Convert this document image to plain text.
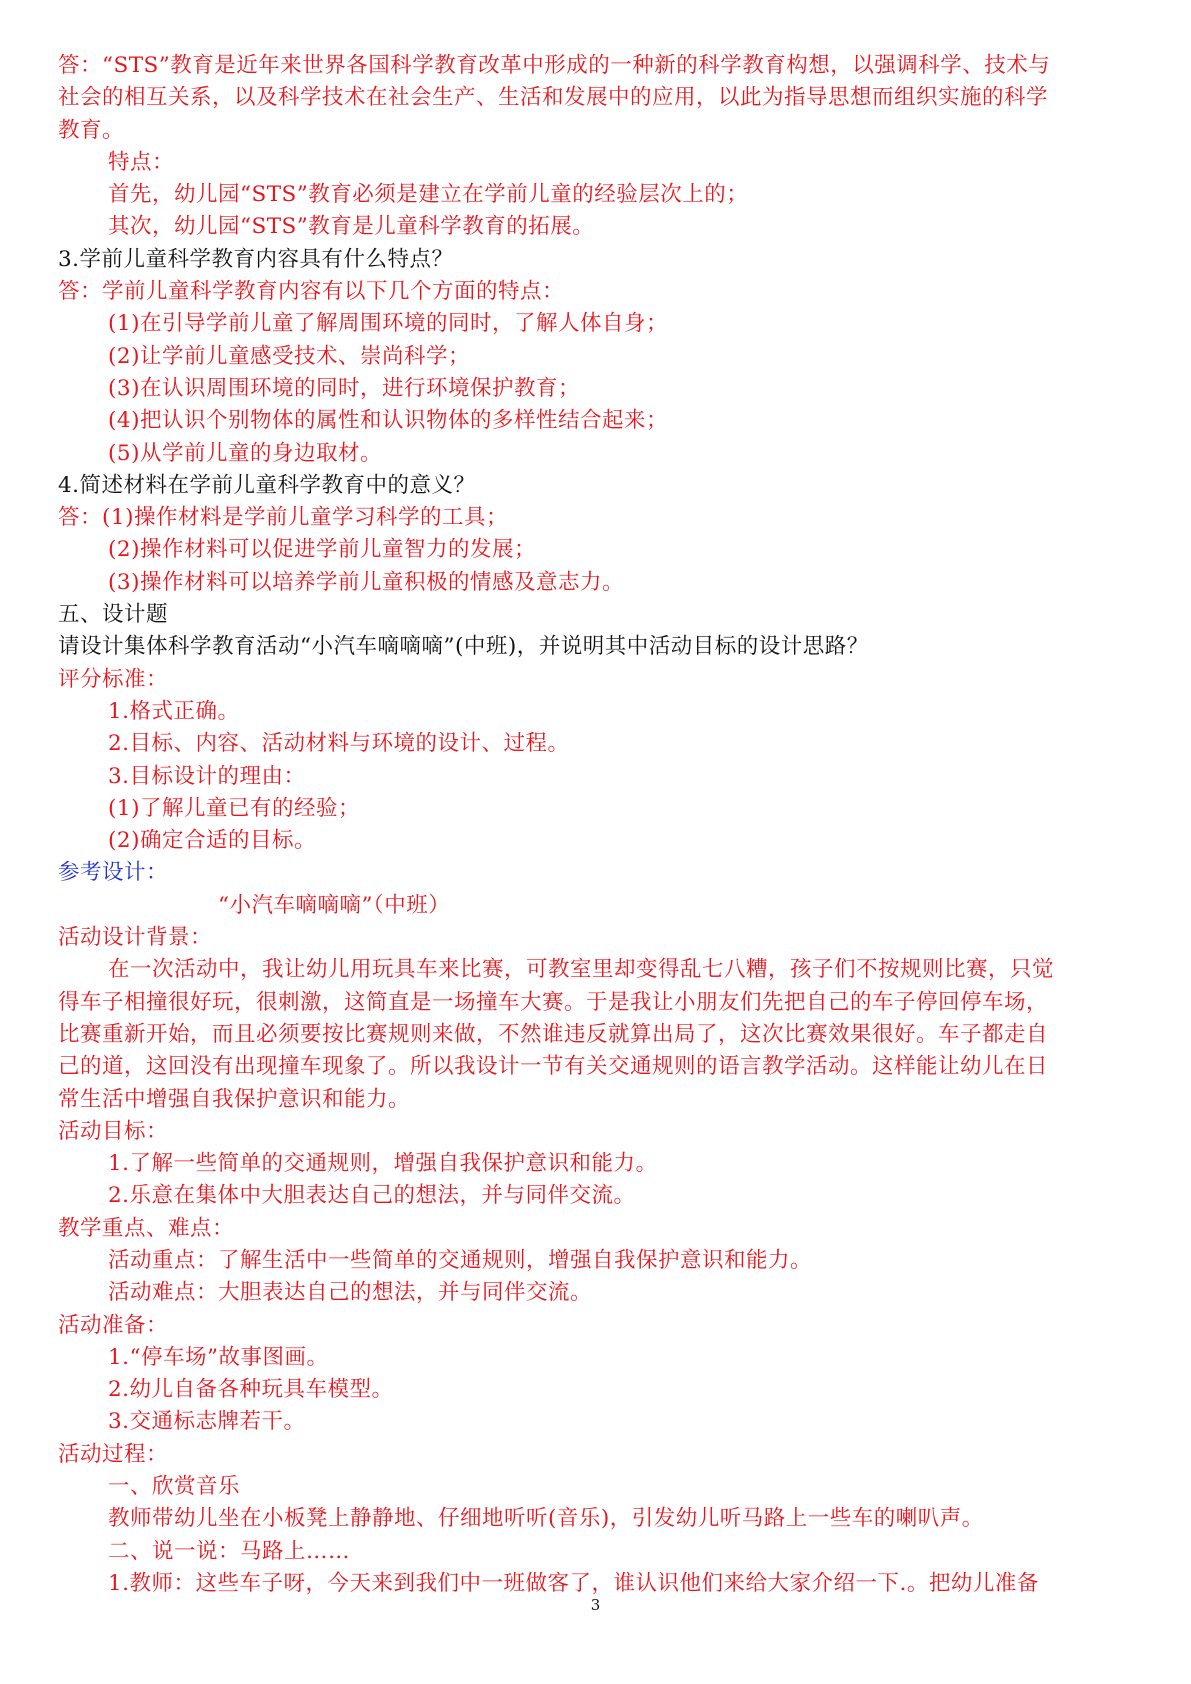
答：“STS”教育是近年来世界各国科学教育改革中形成的一种新的科学教育构想，以强调科学、技术与
社会的相互关系，以及科学技术在社会生产、生活和发展中的应用，以此为指导思想而组织实施的科学
教育。
特点：
首先，幼儿园“STS”教育必须是建立在学前儿童的经验层次上的；
其次，幼儿园“STS”教育是儿童科学教育的拓展。
3.学前儿童科学教育内容具有什么特点？
答：学前儿童科学教育内容有以下几个方面的特点：
(1)在引导学前儿童了解周围环境的同时，了解人体自身；
(2)让学前儿童感受技术、崇尚科学；
(3)在认识周围环境的同时，进行环境保护教育；
(4)把认识个别物体的属性和认识物体的多样性结合起来；
(5)从学前儿童的身边取材。
4.简述材料在学前儿童科学教育中的意义？
答：(1)操作材料是学前儿童学习科学的工具；
(2)操作材料可以促进学前儿童智力的发展；
(3)操作材料可以培养学前儿童积极的情感及意志力。
五、设计题
请设计集体科学教育活动“小汽车嘀嘀嘀”(中班)，并说明其中活动目标的设计思路？
评分标准：
1.格式正确。
2.目标、内容、活动材料与环境的设计、过程。
3.目标设计的理由：
(1)了解儿童已有的经验；
(2)确定合适的目标。
参考设计：
“小汽车嘀嘀嘀”（中班）
活动设计背景：
在一次活动中，我让幼儿用玩具车来比赛，可教室里却变得乱七八糟，孩子们不按规则比赛，只觉
得车子相撞很好玩，很刺激，这简直是一场撞车大赛。于是我让小朋友们先把自己的车子停回停车场，
比赛重新开始，而且必须要按比赛规则来做，不然谁违反就算出局了，这次比赛效果很好。车子都走自
己的道，这回没有出现撞车现象了。所以我设计一节有关交通规则的语言教学活动。这样能让幼儿在日
常生活中增强自我保护意识和能力。
活动目标：
1.了解一些简单的交通规则，增强自我保护意识和能力。
2.乐意在集体中大胆表达自己的想法，并与同伴交流。
教学重点、难点：
活动重点：了解生活中一些简单的交通规则，增强自我保护意识和能力。
活动难点：大胆表达自己的想法，并与同伴交流。
活动准备：
1.“停车场”故事图画。
2.幼儿自备各种玩具车模型。
3.交通标志牌若干。
活动过程：
一、欣赏音乐
教师带幼儿坐在小板凳上静静地、仔细地听听(音乐)，引发幼儿听马路上一些车的喇叭声。
二、说一说：马路上……
1.教师：这些车子呀，今天来到我们中一班做客了，谁认识他们来给大家介绍一下.。把幼儿准备
3
